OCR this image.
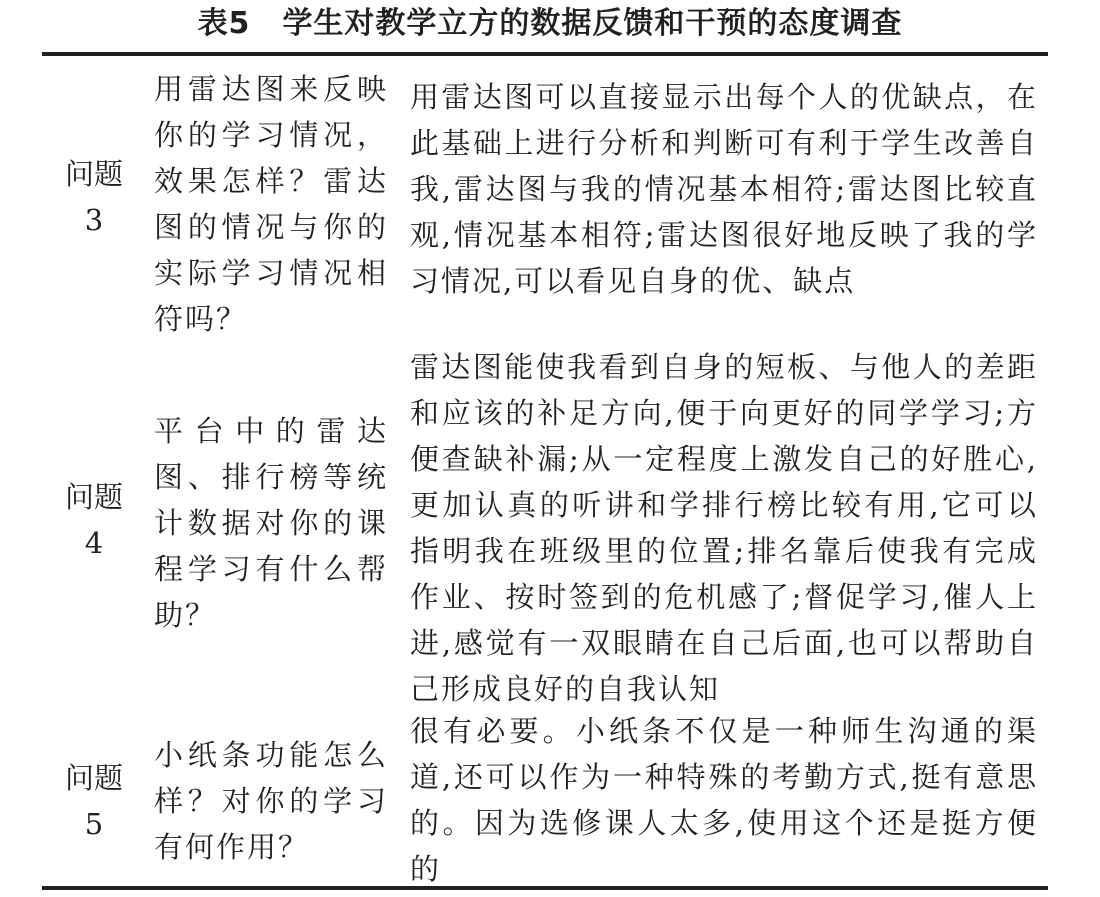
表5 学生对教学立方的数据反馈和干预的态度调查
问题
3
用雷达图来反映你的学习情况，效果怎样？雷达图的情况与你的实际学习情况相符吗？
用雷达图可以直接显示出每个人的优缺点，在此基础上进行分析和判断可有利于学生改善自我,雷达图与我的情况基本相符;雷达图比较直观,情况基本相符;雷达图很好地反映了我的学习情况,可以看见自身的优、缺点
问题
4
平台中的雷达图、排行榜等统计数据对你的课程学习有什么帮助？
雷达图能使我看到自身的短板、与他人的差距和应该的补足方向,便于向更好的同学学习;方便查缺补漏;从一定程度上激发自己的好胜心,更加认真的听讲和学排行榜比较有用,它可以指明我在班级里的位置;排名靠后使我有完成作业、按时签到的危机感了;督促学习,催人上进,感觉有一双眼睛在自己后面,也可以帮助自己形成良好的自我认知
问题
5
小纸条功能怎么样？对你的学习有何作用？
很有必要。小纸条不仅是一种师生沟通的渠道,还可以作为一种特殊的考勤方式,挺有意思的。因为选修课人太多,使用这个还是挺方便的
